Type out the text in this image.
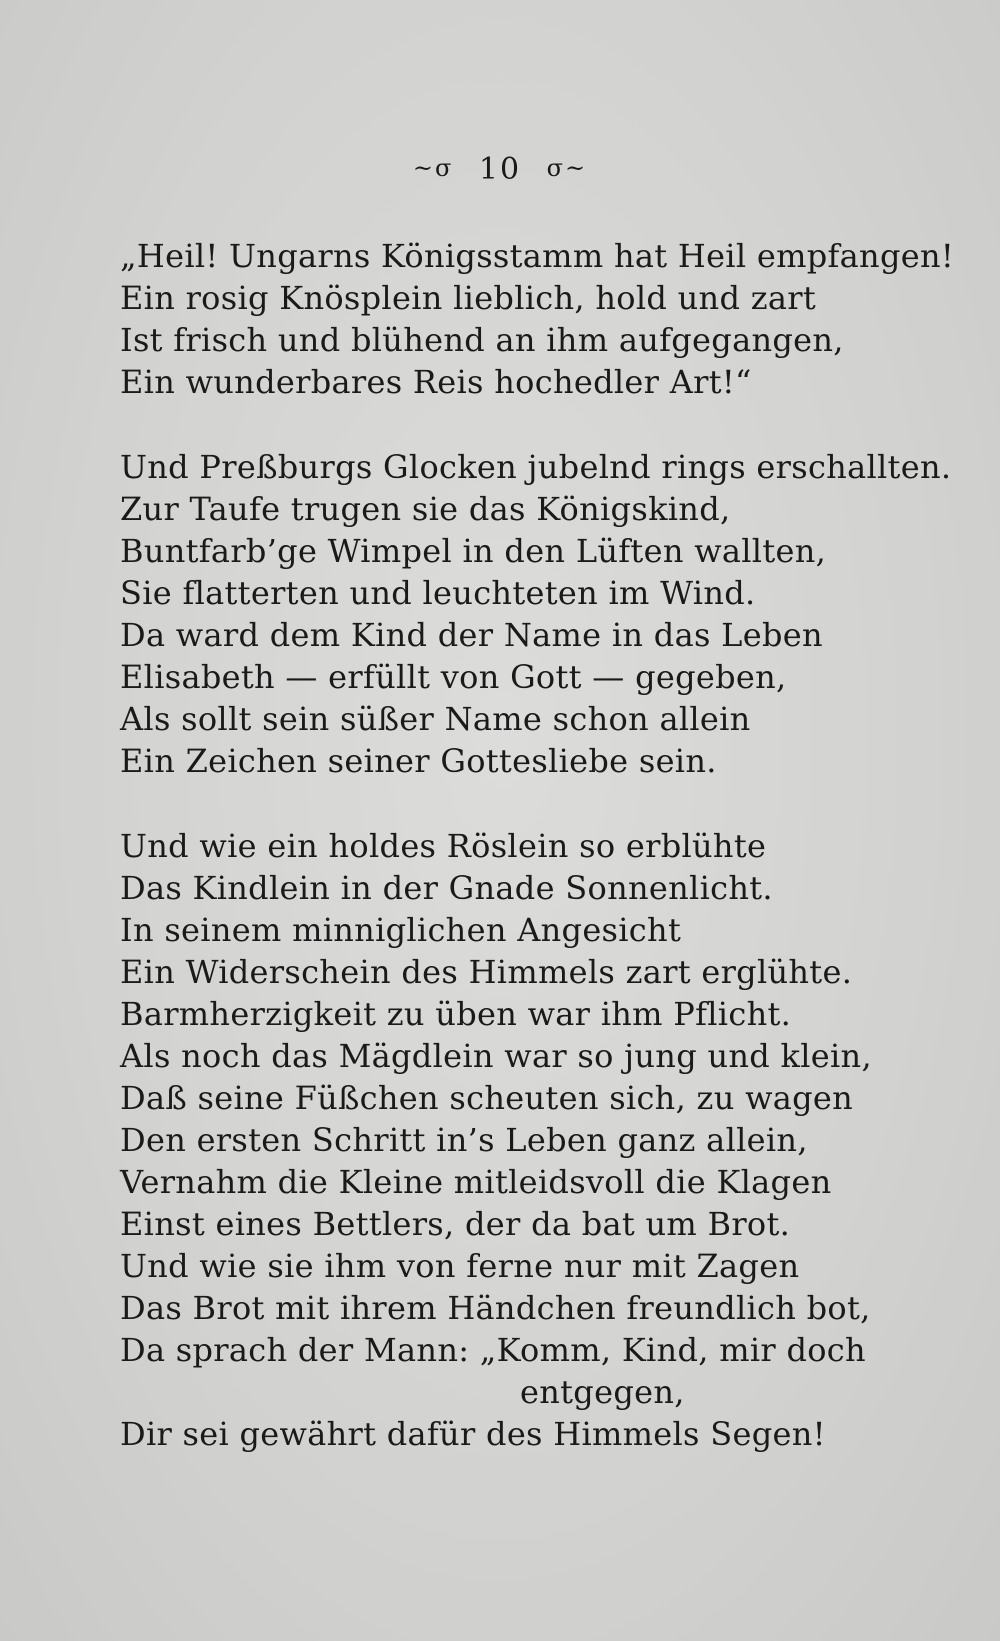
~σ 10 σ~
„Heil! Ungarns Königsstamm hat Heil empfangen!
Ein rosig Knösplein lieblich, hold und zart
Ist frisch und blühend an ihm aufgegangen,
Ein wunderbares Reis hochedler Art!“
Und Preßburgs Glocken jubelnd rings erschallten.
Zur Taufe trugen sie das Königskind,
Buntfarb’ge Wimpel in den Lüften wallten,
Sie flatterten und leuchteten im Wind.
Da ward dem Kind der Name in das Leben
Elisabeth — erfüllt von Gott — gegeben,
Als sollt sein süßer Name schon allein
Ein Zeichen seiner Gottesliebe sein.
Und wie ein holdes Röslein so erblühte
Das Kindlein in der Gnade Sonnenlicht.
In seinem minniglichen Angesicht
Ein Widerschein des Himmels zart erglühte.
Barmherzigkeit zu üben war ihm Pflicht.
Als noch das Mägdlein war so jung und klein,
Daß seine Füßchen scheuten sich, zu wagen
Den ersten Schritt in’s Leben ganz allein,
Vernahm die Kleine mitleidsvoll die Klagen
Einst eines Bettlers, der da bat um Brot.
Und wie sie ihm von ferne nur mit Zagen
Das Brot mit ihrem Händchen freundlich bot,
Da sprach der Mann: „Komm, Kind, mir doch
entgegen,
Dir sei gewährt dafür des Himmels Segen!
